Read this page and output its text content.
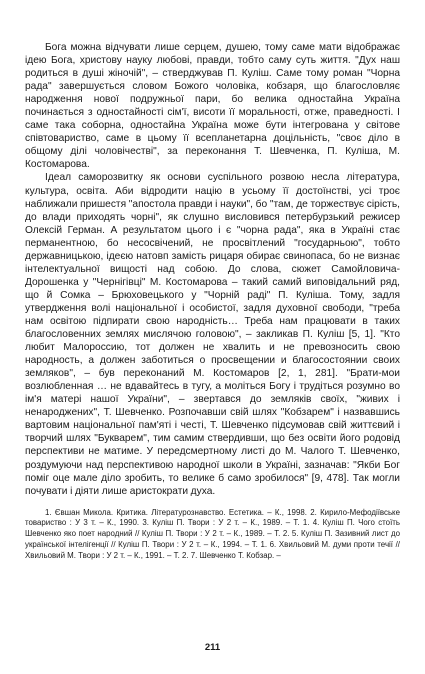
Бога можна відчувати лише серцем, душею, тому саме мати відображає ідею Бога, христову науку любові, правди, тобто саму суть життя. "Дух наш родиться в душі жіночій", – стверджував П. Куліш. Саме тому роман "Чорна рада" завершується словом Божого чоловіка, кобзаря, що благословляє народження нової подружньої пари, бо велика одностайна Україна починається з одностайності сім'ї, висоти її моральності, отже, праведності. І саме така соборна, одностайна Україна може бути інтегрована у світове співтовариство, саме в цьому її всепланетарна доцільність, "своє діло в общому ділі чоловічестві", за переконання Т. Шевченка, П. Куліша, М. Костомарова.

Ідеал саморозвитку як основи суспільного розвою несла література, культура, освіта. Аби відродити націю в усьому її достоїнстві, усі троє наближали пришестя "апостола правди і науки", бо "там, де торжествує сірість, до влади приходять чорні", як слушно висловився петербурзький режисер Олексій Герман. А результатом цього і є "чорна рада", яка в Україні стає перманентною, бо несосвічений, не просвітлений "государньою", тобто державницькою, ідеєю натовп замість рицаря обирає свинопаса, бо не визнає інтелектуальної вищості над собою. До слова, сюжет Самойловича-Дорошенка у "Чернігівці" М. Костомарова – такий самий виповідальний ряд, що й Сомка – Брюховецького у "Чорній раді" П. Куліша. Тому, задля утвердження волі національної і особистої, задля духовної свободи, "треба нам освітою підпирати свою народність… Треба нам працювати в таких благословенних землях мислячою головою", – закликав П. Куліш [5, 1]. "Кто любит Малороссию, тот должен не хвалить и не превозносить свою народность, а должен заботиться о просвещении и благосостоянии своих земляков", – був переконаний М. Костомаров [2, 1, 281]. "Брати-мои возлюбленная … не вдавайтесь в тугу, а моліться Богу і трудіться розумно во ім'я матері нашої України", – звертався до земляків своїх, "живих і ненароджених", Т. Шевченко. Розпочавши свій шлях "Кобзарем" і назвавшись вартовим національної пам'яті і честі, Т. Шевченко підсумовав свій життєвий і творчий шлях "Букварем", тим самим ствердивши, що без освіти його родовід перспективи не матиме. У передсмертному листі до М. Чалого Т. Шевченко, роздумуючи над перспективою народної школи в Україні, зазначав: "Якби Бог поміг оце мале діло зробить, то велике б само зробилося" [9, 478]. Так могли почувати і діяти лише аристократи духа.

1. Євшан Микола. Критика. Літературознавство. Естетика. – К., 1998. 2. Кирило-Мефодіївське товариство : У 3 т. – К., 1990. 3. Куліш П. Твори : У 2 т. – К., 1989. – Т. 1. 4. Куліш П. Чого стоїть Шевченко яко поет народний // Куліш П. Твори : У 2 т. – К., 1989. – Т. 2. 5. Куліш П. Зазивний лист до української інтелігенції // Куліш П. Твори : У 2 т. – К., 1994. – Т. 1. 6. Хвильовий М. думи проти течії // Хвильовий М. Твори : У 2 т. – К., 1991. – Т. 2. 7. Шевченко Т. Кобзар. –

211
